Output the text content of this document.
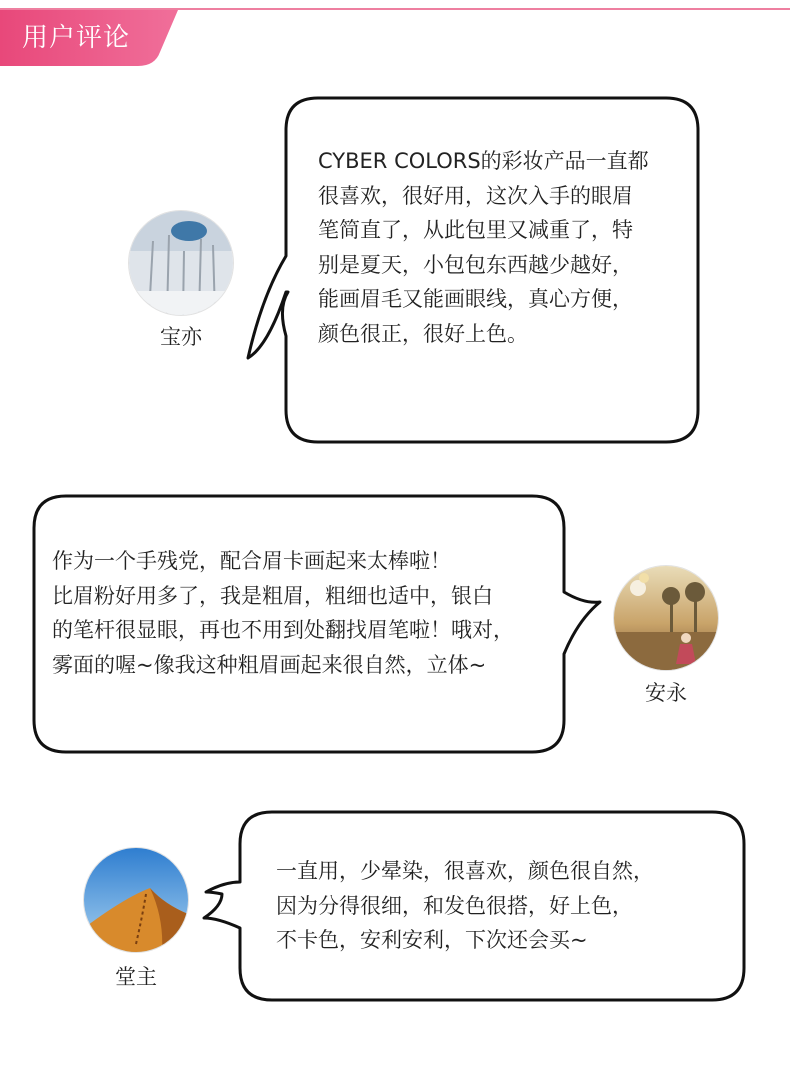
用户评论
CYBER COLORS的彩妆产品一直都
很喜欢，很好用，这次入手的眼眉
笔简直了，从此包里又减重了，特
别是夏天，小包包东西越少越好，
能画眉毛又能画眼线，真心方便，
颜色很正，很好上色。
宝亦
作为一个手残党，配合眉卡画起来太棒啦！
比眉粉好用多了，我是粗眉，粗细也适中，银白
的笔杆很显眼，再也不用到处翻找眉笔啦！哦对，
雾面的喔~像我这种粗眉画起来很自然，立体~
安永
一直用，少晕染，很喜欢，颜色很自然，
因为分得很细，和发色很搭，好上色，
不卡色，安利安利，下次还会买~
堂主
